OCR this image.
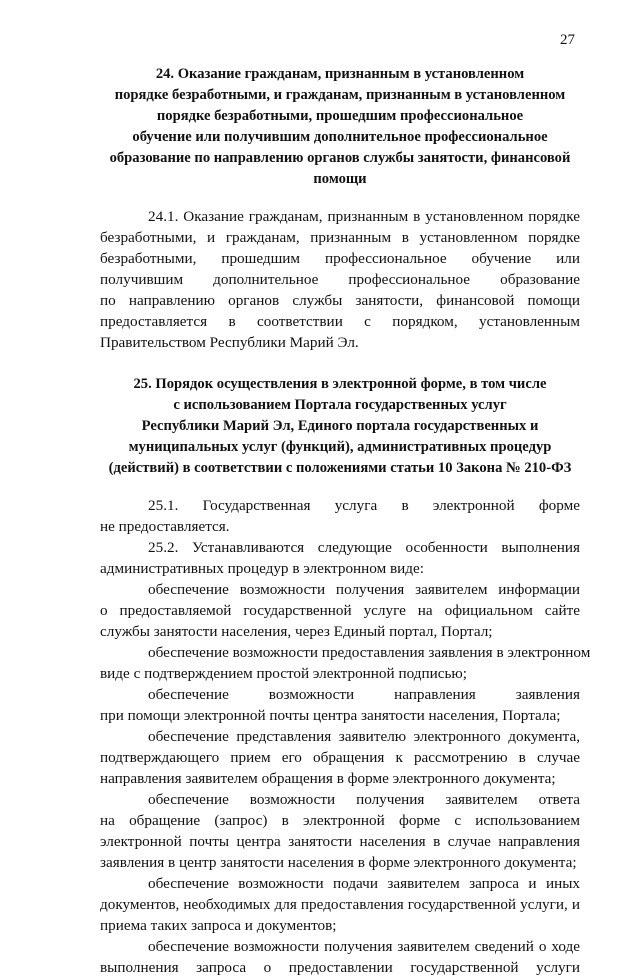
27
24. Оказание гражданам, признанным в установленном
порядке безработными, и гражданам, признанным в установленном
порядке безработными, прошедшим профессиональное
обучение или получившим дополнительное профессиональное
образование по направлению органов службы занятости, финансовой
помощи
24.1. Оказание гражданам, признанным в установленном порядке
безработными, и гражданам, признанным в установленном порядке
безработными, прошедшим профессиональное обучение или
получившим дополнительное профессиональное образование
по направлению органов службы занятости, финансовой помощи
предоставляется в соответствии с порядком, установленным
Правительством Республики Марий Эл.
25. Порядок осуществления в электронной форме, в том числе
с использованием Портала государственных услуг
Республики Марий Эл, Единого портала государственных и
муниципальных услуг (функций), административных процедур
(действий) в соответствии с положениями статьи 10 Закона № 210-ФЗ
25.1. Государственная услуга в электронной форме
не предоставляется.
25.2. Устанавливаются следующие особенности выполнения
административных процедур в электронном виде:
обеспечение возможности получения заявителем информации
о предоставляемой государственной услуге на официальном сайте
службы занятости населения, через Единый портал, Портал;
обеспечение возможности предоставления заявления в электронном
виде с подтверждением простой электронной подписью;
обеспечение возможности направления заявления
при помощи электронной почты центра занятости населения, Портала;
обеспечение представления заявителю электронного документа,
подтверждающего прием его обращения к рассмотрению в случае
направления заявителем обращения в форме электронного документа;
обеспечение возможности получения заявителем ответа
на обращение (запрос) в электронной форме с использованием
электронной почты центра занятости населения в случае направления
заявления в центр занятости населения в форме электронного документа;
обеспечение возможности подачи заявителем запроса и иных
документов, необходимых для предоставления государственной услуги, и
приема таких запроса и документов;
обеспечение возможности получения заявителем сведений о ходе
выполнения запроса о предоставлении государственной услуги
